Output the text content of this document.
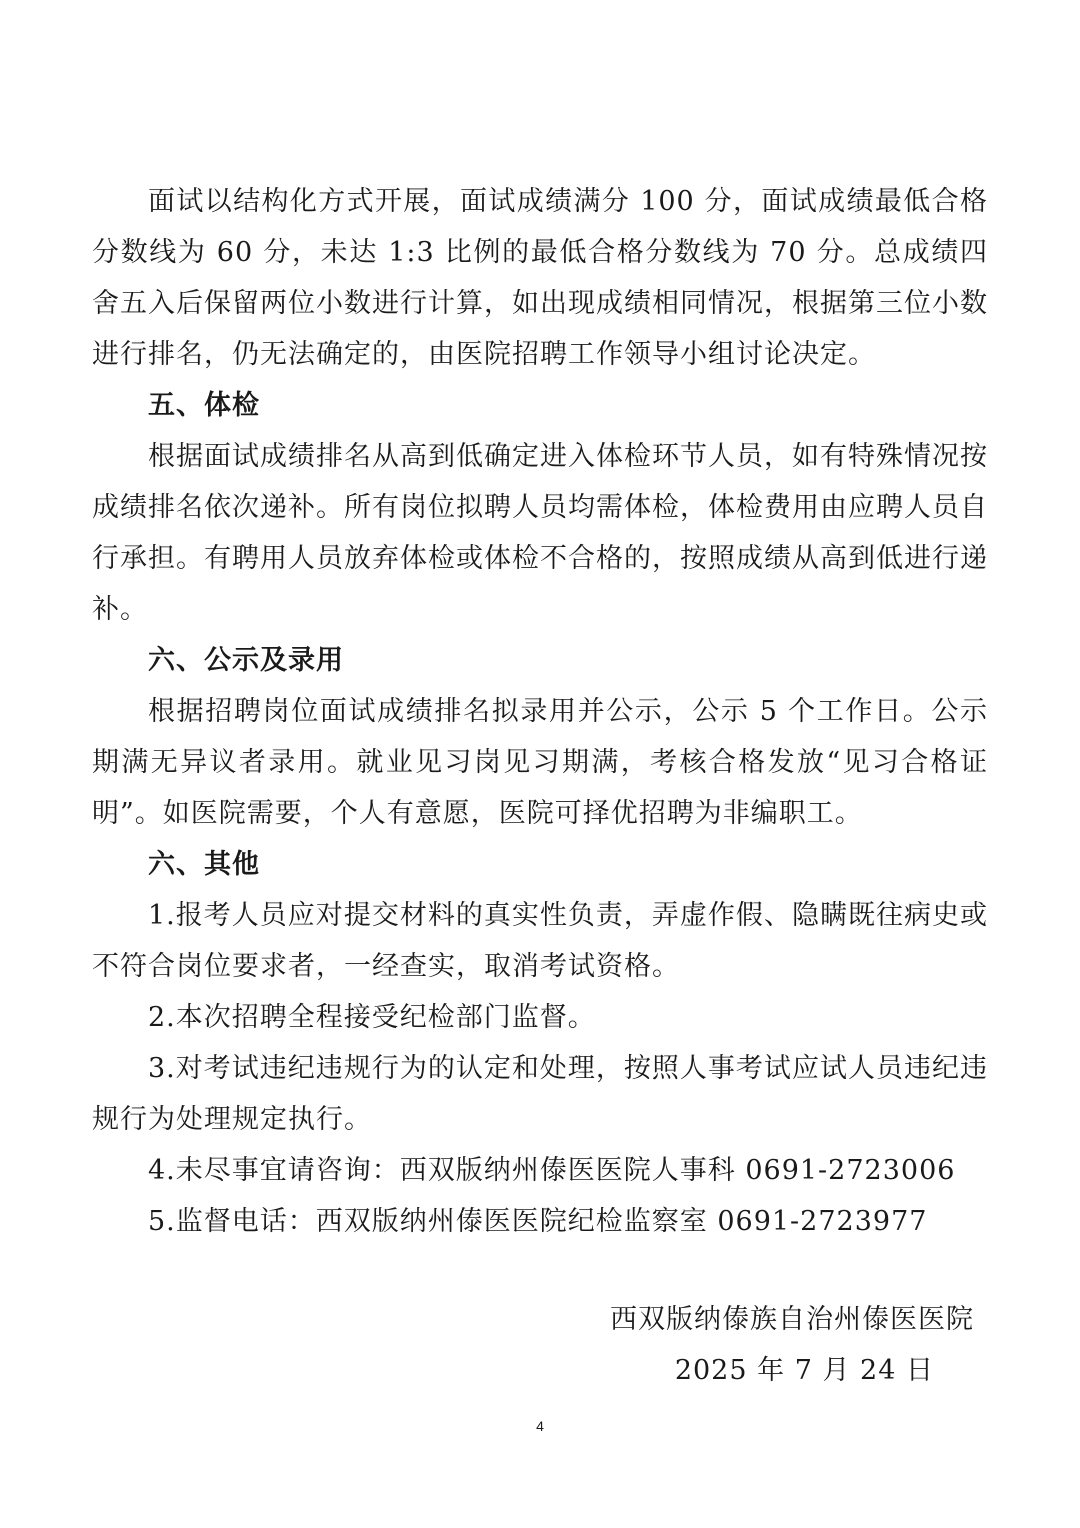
面试以结构化方式开展，面试成绩满分 100 分，面试成绩最低合格分数线为 60 分，未达 1:3 比例的最低合格分数线为 70 分。总成绩四舍五入后保留两位小数进行计算，如出现成绩相同情况，根据第三位小数进行排名，仍无法确定的，由医院招聘工作领导小组讨论决定。

五、体检

根据面试成绩排名从高到低确定进入体检环节人员，如有特殊情况按成绩排名依次递补。所有岗位拟聘人员均需体检，体检费用由应聘人员自行承担。有聘用人员放弃体检或体检不合格的，按照成绩从高到低进行递补。

六、公示及录用

根据招聘岗位面试成绩排名拟录用并公示，公示 5 个工作日。公示期满无异议者录用。就业见习岗见习期满，考核合格发放“见习合格证明”。如医院需要，个人有意愿，医院可择优招聘为非编职工。

六、其他

1.报考人员应对提交材料的真实性负责，弄虚作假、隐瞒既往病史或不符合岗位要求者，一经查实，取消考试资格。

2.本次招聘全程接受纪检部门监督。

3.对考试违纪违规行为的认定和处理，按照人事考试应试人员违纪违规行为处理规定执行。

4.未尽事宜请咨询：西双版纳州傣医医院人事科 0691-2723006

5.监督电话：西双版纳州傣医医院纪检监察室 0691-2723977

西双版纳傣族自治州傣医医院
2025 年 7 月 24 日
4
